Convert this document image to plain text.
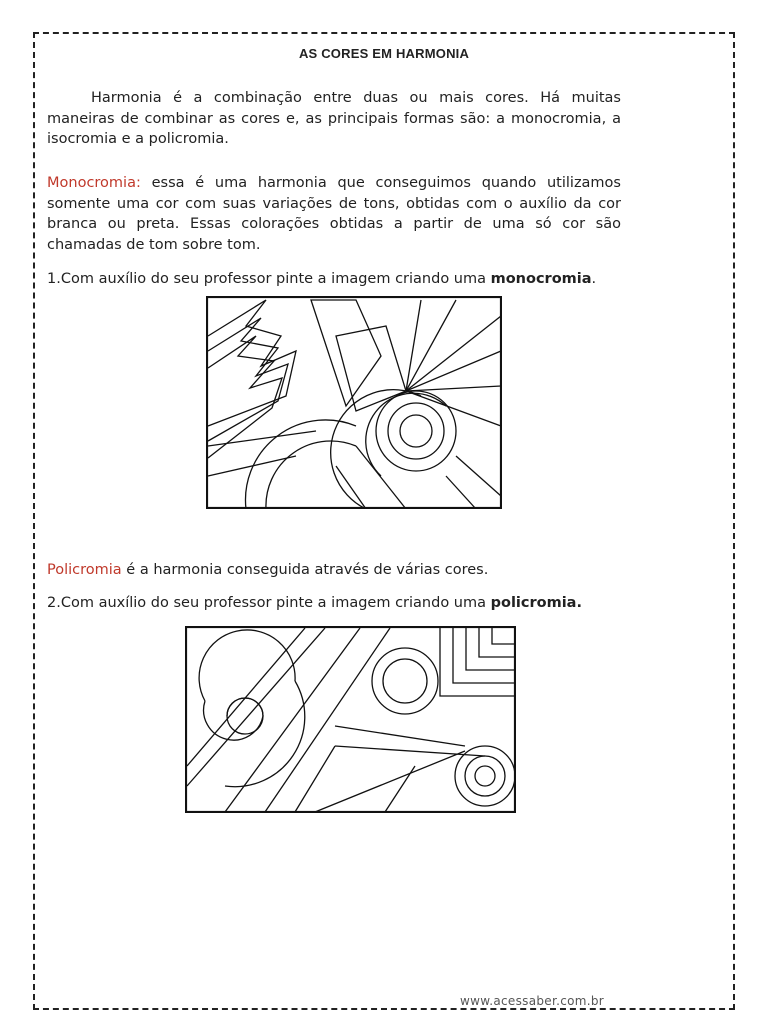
AS CORES EM HARMONIA

Harmonia é a combinação entre duas ou mais cores. Há muitas maneiras de combinar as cores e, as principais formas são: a monocromia, a isocromia e a policromia.

Monocromia: essa é uma harmonia que conseguimos quando utilizamos somente uma cor com suas variações de tons, obtidas com o auxílio da cor branca ou preta. Essas colorações obtidas a partir de uma só cor são chamadas de tom sobre tom.

1.Com auxílio do seu professor pinte a imagem criando uma monocromia.

Policromia é a harmonia conseguida através de várias cores.

2.Com auxílio do seu professor pinte a imagem criando uma policromia.

www.acessaber.com.br
